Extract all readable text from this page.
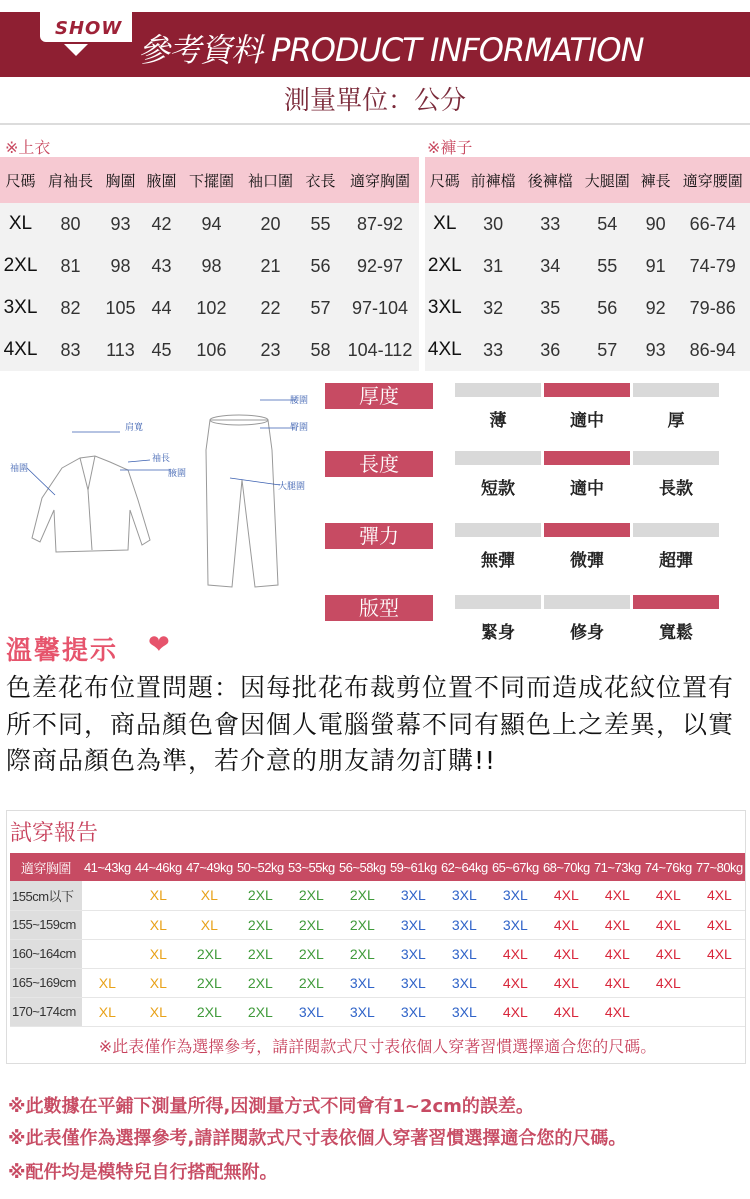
SHOW
參考資料 PRODUCT INFORMATION
測量單位：公分
※上衣	※褲子
尺碼	肩袖長	胸圍	腋圍	下擺圍	袖口圍	衣長	適穿胸圍
XL	80	93	42	94	20	55	87-92
2XL	81	98	43	98	21	56	92-97
3XL	82	105	44	102	22	57	97-104
4XL	83	113	45	106	23	58	104-112
尺碼	前褲檔	後褲檔	大腿圍	褲長	適穿腰圍
XL	30	33	54	90	66-74
2XL	31	34	55	91	74-79
3XL	32	35	56	92	79-86
4XL	33	36	57	93	86-94
肩寬
袖圍
袖長
腋圍
腰圍
臀圍
大腿圍
厚度
薄	適中	厚
長度
短款	適中	長款
彈力
無彈	微彈	超彈
版型
緊身	修身	寬鬆
溫馨提示 ❤
色差花布位置問題：因每批花布裁剪位置不同而造成花紋位置有所不同，商品顏色會因個人電腦螢幕不同有顯色上之差異，以實際商品顏色為準，若介意的朋友請勿訂購!!
試穿報告
適穿胸圍	41~43kg	44~46kg	47~49kg	50~52kg	53~55kg	56~58kg	59~61kg	62~64kg	65~67kg	68~70kg	71~73kg	74~76kg	77~80kg
155cm以下		XL	XL	2XL	2XL	2XL	3XL	3XL	3XL	4XL	4XL	4XL	4XL
155~159cm		XL	XL	2XL	2XL	2XL	3XL	3XL	3XL	4XL	4XL	4XL	4XL
160~164cm		XL	2XL	2XL	2XL	2XL	3XL	3XL	4XL	4XL	4XL	4XL	4XL
165~169cm	XL	XL	2XL	2XL	2XL	3XL	3XL	3XL	4XL	4XL	4XL	4XL	
170~174cm	XL	XL	2XL	2XL	3XL	3XL	3XL	3XL	4XL	4XL	4XL		
※此表僅作為選擇參考，請詳閱款式尺寸表依個人穿著習慣選擇適合您的尺碼。
※此數據在平鋪下測量所得,因測量方式不同會有1~2cm的誤差。
※此表僅作為選擇參考,請詳閱款式尺寸表依個人穿著習慣選擇適合您的尺碼。
※配件均是模特兒自行搭配無附。
